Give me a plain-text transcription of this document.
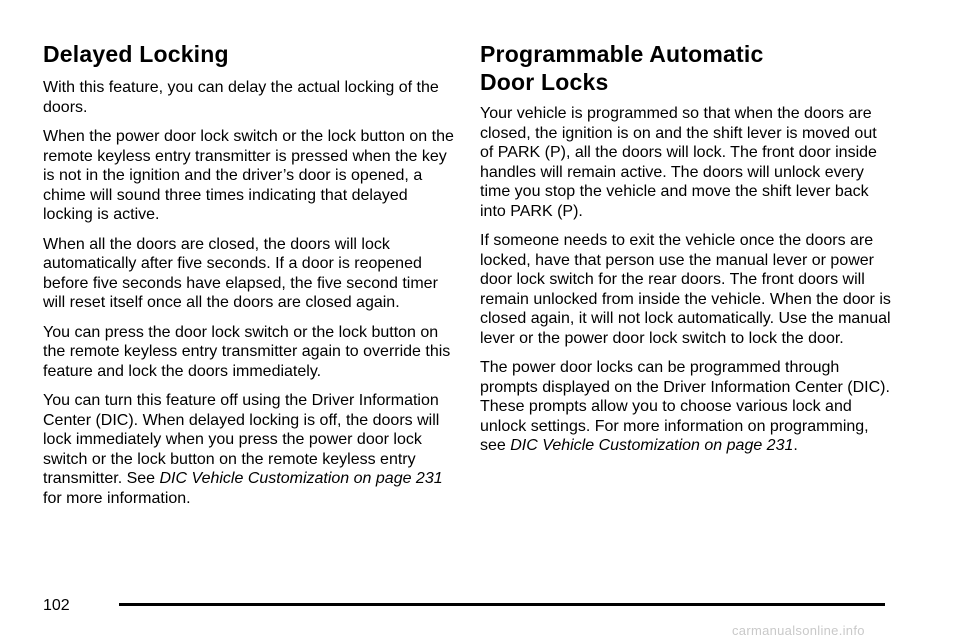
Delayed Locking

With this feature, you can delay the actual locking of the doors.

When the power door lock switch or the lock button on the remote keyless entry transmitter is pressed when the key is not in the ignition and the driver’s door is opened, a chime will sound three times indicating that delayed locking is active.

When all the doors are closed, the doors will lock automatically after five seconds. If a door is reopened before five seconds have elapsed, the five second timer will reset itself once all the doors are closed again.

You can press the door lock switch or the lock button on the remote keyless entry transmitter again to override this feature and lock the doors immediately.

You can turn this feature off using the Driver Information Center (DIC). When delayed locking is off, the doors will lock immediately when you press the power door lock switch or the lock button on the remote keyless entry transmitter. See DIC Vehicle Customization on page 231 for more information.

Programmable Automatic
Door Locks

Your vehicle is programmed so that when the doors are closed, the ignition is on and the shift lever is moved out of PARK (P), all the doors will lock. The front door inside handles will remain active. The doors will unlock every time you stop the vehicle and move the shift lever back into PARK (P).

If someone needs to exit the vehicle once the doors are locked, have that person use the manual lever or power door lock switch for the rear doors. The front doors will remain unlocked from inside the vehicle. When the door is closed again, it will not lock automatically. Use the manual lever or the power door lock switch to lock the door.

The power door locks can be programmed through prompts displayed on the Driver Information Center (DIC). These prompts allow you to choose various lock and unlock settings. For more information on programming, see DIC Vehicle Customization on page 231.

102
carmanualsonline.info
